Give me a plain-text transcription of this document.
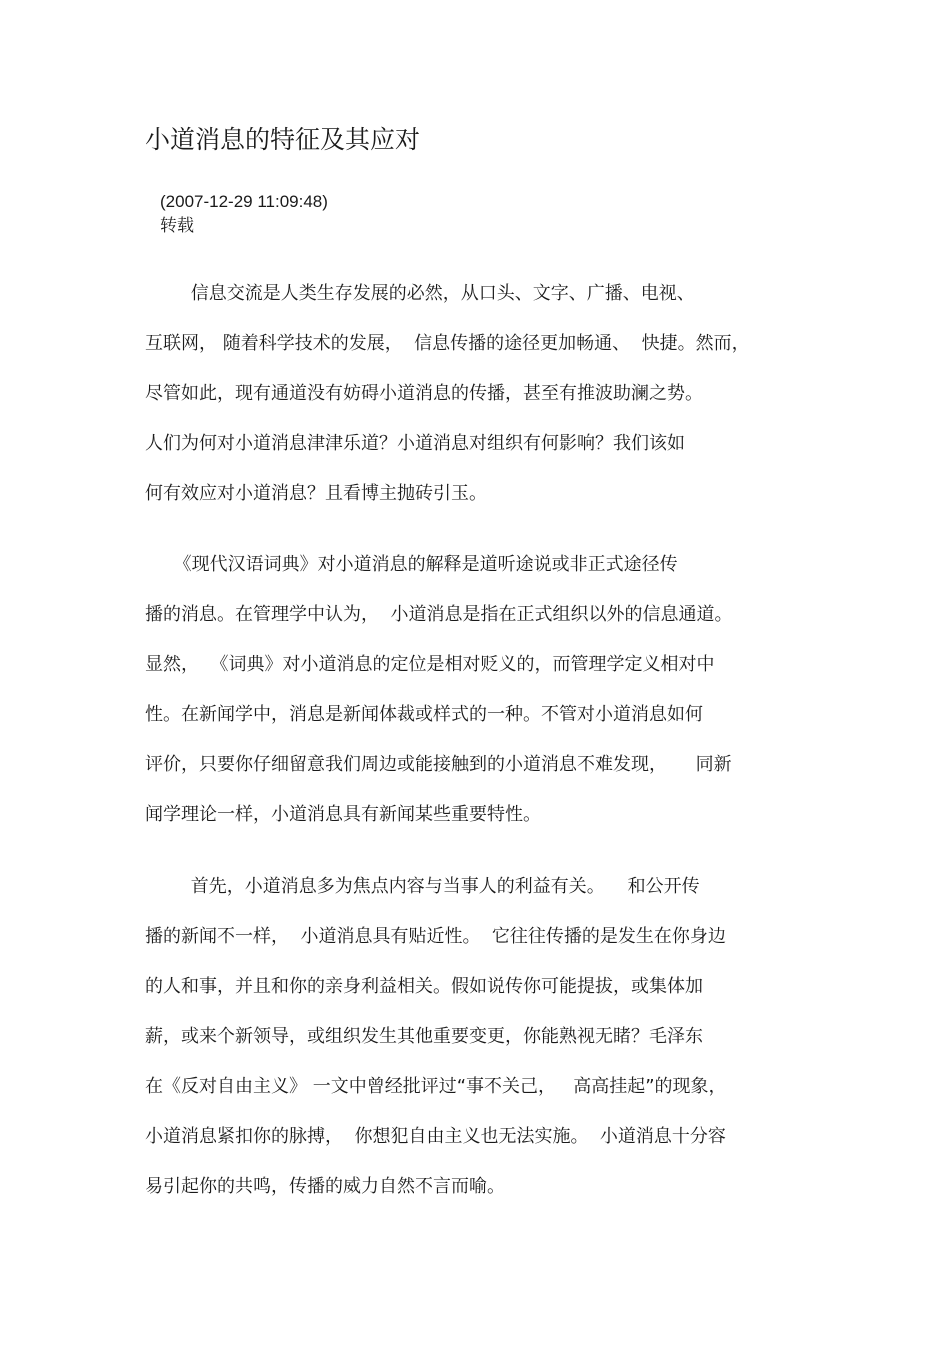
小道消息的特征及其应对
(2007-12-29 11:09:48)
转载
信息交流是人类生存发展的必然，从口头、文字、广播、电视、
互联网， 随着科学技术的发展，  信息传播的途径更加畅通、  快捷。然而，
尽管如此，现有通道没有妨碍小道消息的传播，甚至有推波助澜之势。
人们为何对小道消息津津乐道？小道消息对组织有何影响？我们该如
何有效应对小道消息？且看博主抛砖引玉。
《现代汉语词典》对小道消息的解释是道听途说或非正式途径传
播的消息。在管理学中认为，  小道消息是指在正式组织以外的信息通道。
显然，  《词典》对小道消息的定位是相对贬义的，而管理学定义相对中
性。在新闻学中，消息是新闻体裁或样式的一种。不管对小道消息如何
评价，只要你仔细留意我们周边或能接触到的小道消息不难发现，     同新
闻学理论一样，小道消息具有新闻某些重要特性。
首先，小道消息多为焦点内容与当事人的利益有关。    和公开传
播的新闻不一样，  小道消息具有贴近性。  它往往传播的是发生在你身边
的人和事，并且和你的亲身利益相关。假如说传你可能提拔，或集体加
薪，或来个新领导，或组织发生其他重要变更，你能熟视无睹？毛泽东
在《反对自由主义》 一文中曾经批评过“事不关己，   高高挂起”的现象，
小道消息紧扣你的脉搏，  你想犯自由主义也无法实施。  小道消息十分容
易引起你的共鸣，传播的威力自然不言而喻。
